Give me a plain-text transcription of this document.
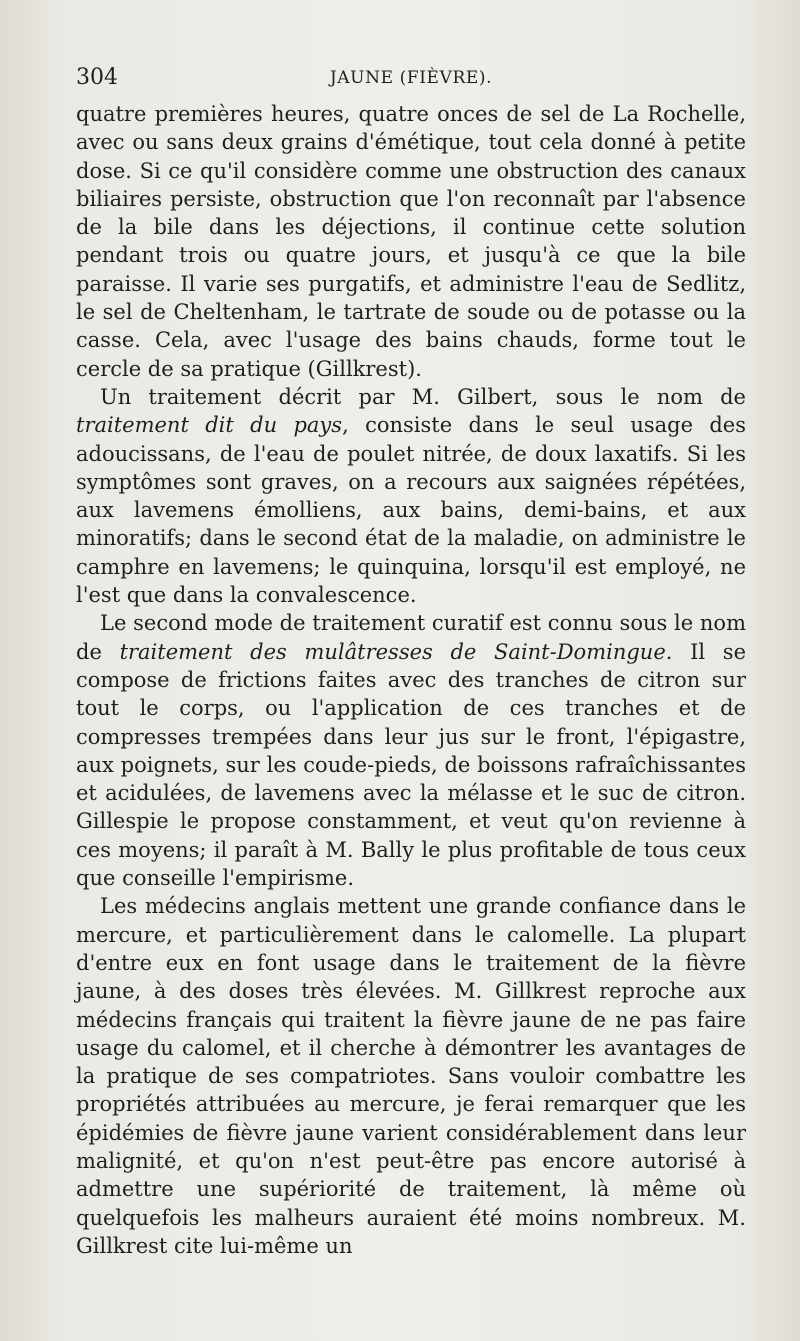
304	JAUNE (FIÈVRE).

quatre premières heures, quatre onces de sel de La Rochelle, avec ou sans deux grains d'émétique, tout cela donné à petite dose. Si ce qu'il considère comme une obstruction des canaux biliaires persiste, obstruction que l'on reconnaît par l'absence de la bile dans les déjections, il continue cette solution pendant trois ou quatre jours, et jusqu'à ce que la bile paraisse. Il varie ses purgatifs, et administre l'eau de Sedlitz, le sel de Cheltenham, le tartrate de soude ou de potasse ou la casse. Cela, avec l'usage des bains chauds, forme tout le cercle de sa pratique (Gillkrest).

Un traitement décrit par M. Gilbert, sous le nom de traitement dit du pays, consiste dans le seul usage des adoucissans, de l'eau de poulet nitrée, de doux laxatifs. Si les symptômes sont graves, on a recours aux saignées répétées, aux lavemens émolliens, aux bains, demi-bains, et aux minoratifs; dans le second état de la maladie, on administre le camphre en lavemens; le quinquina, lorsqu'il est employé, ne l'est que dans la convalescence.

Le second mode de traitement curatif est connu sous le nom de traitement des mulâtresses de Saint-Domingue. Il se compose de frictions faites avec des tranches de citron sur tout le corps, ou l'application de ces tranches et de compresses trempées dans leur jus sur le front, l'épigastre, aux poignets, sur les coude-pieds, de boissons rafraîchissantes et acidulées, de lavemens avec la mélasse et le suc de citron. Gillespie le propose constamment, et veut qu'on revienne à ces moyens; il paraît à M. Bally le plus profitable de tous ceux que conseille l'empirisme.

Les médecins anglais mettent une grande confiance dans le mercure, et particulièrement dans le calomelle. La plupart d'entre eux en font usage dans le traitement de la fièvre jaune, à des doses très élevées. M. Gillkrest reproche aux médecins français qui traitent la fièvre jaune de ne pas faire usage du calomel, et il cherche à démontrer les avantages de la pratique de ses compatriotes. Sans vouloir combattre les propriétés attribuées au mercure, je ferai remarquer que les épidémies de fièvre jaune varient considérablement dans leur malignité, et qu'on n'est peut-être pas encore autorisé à admettre une supériorité de traitement, là même où quelquefois les malheurs auraient été moins nombreux. M. Gillkrest cite lui-même un
